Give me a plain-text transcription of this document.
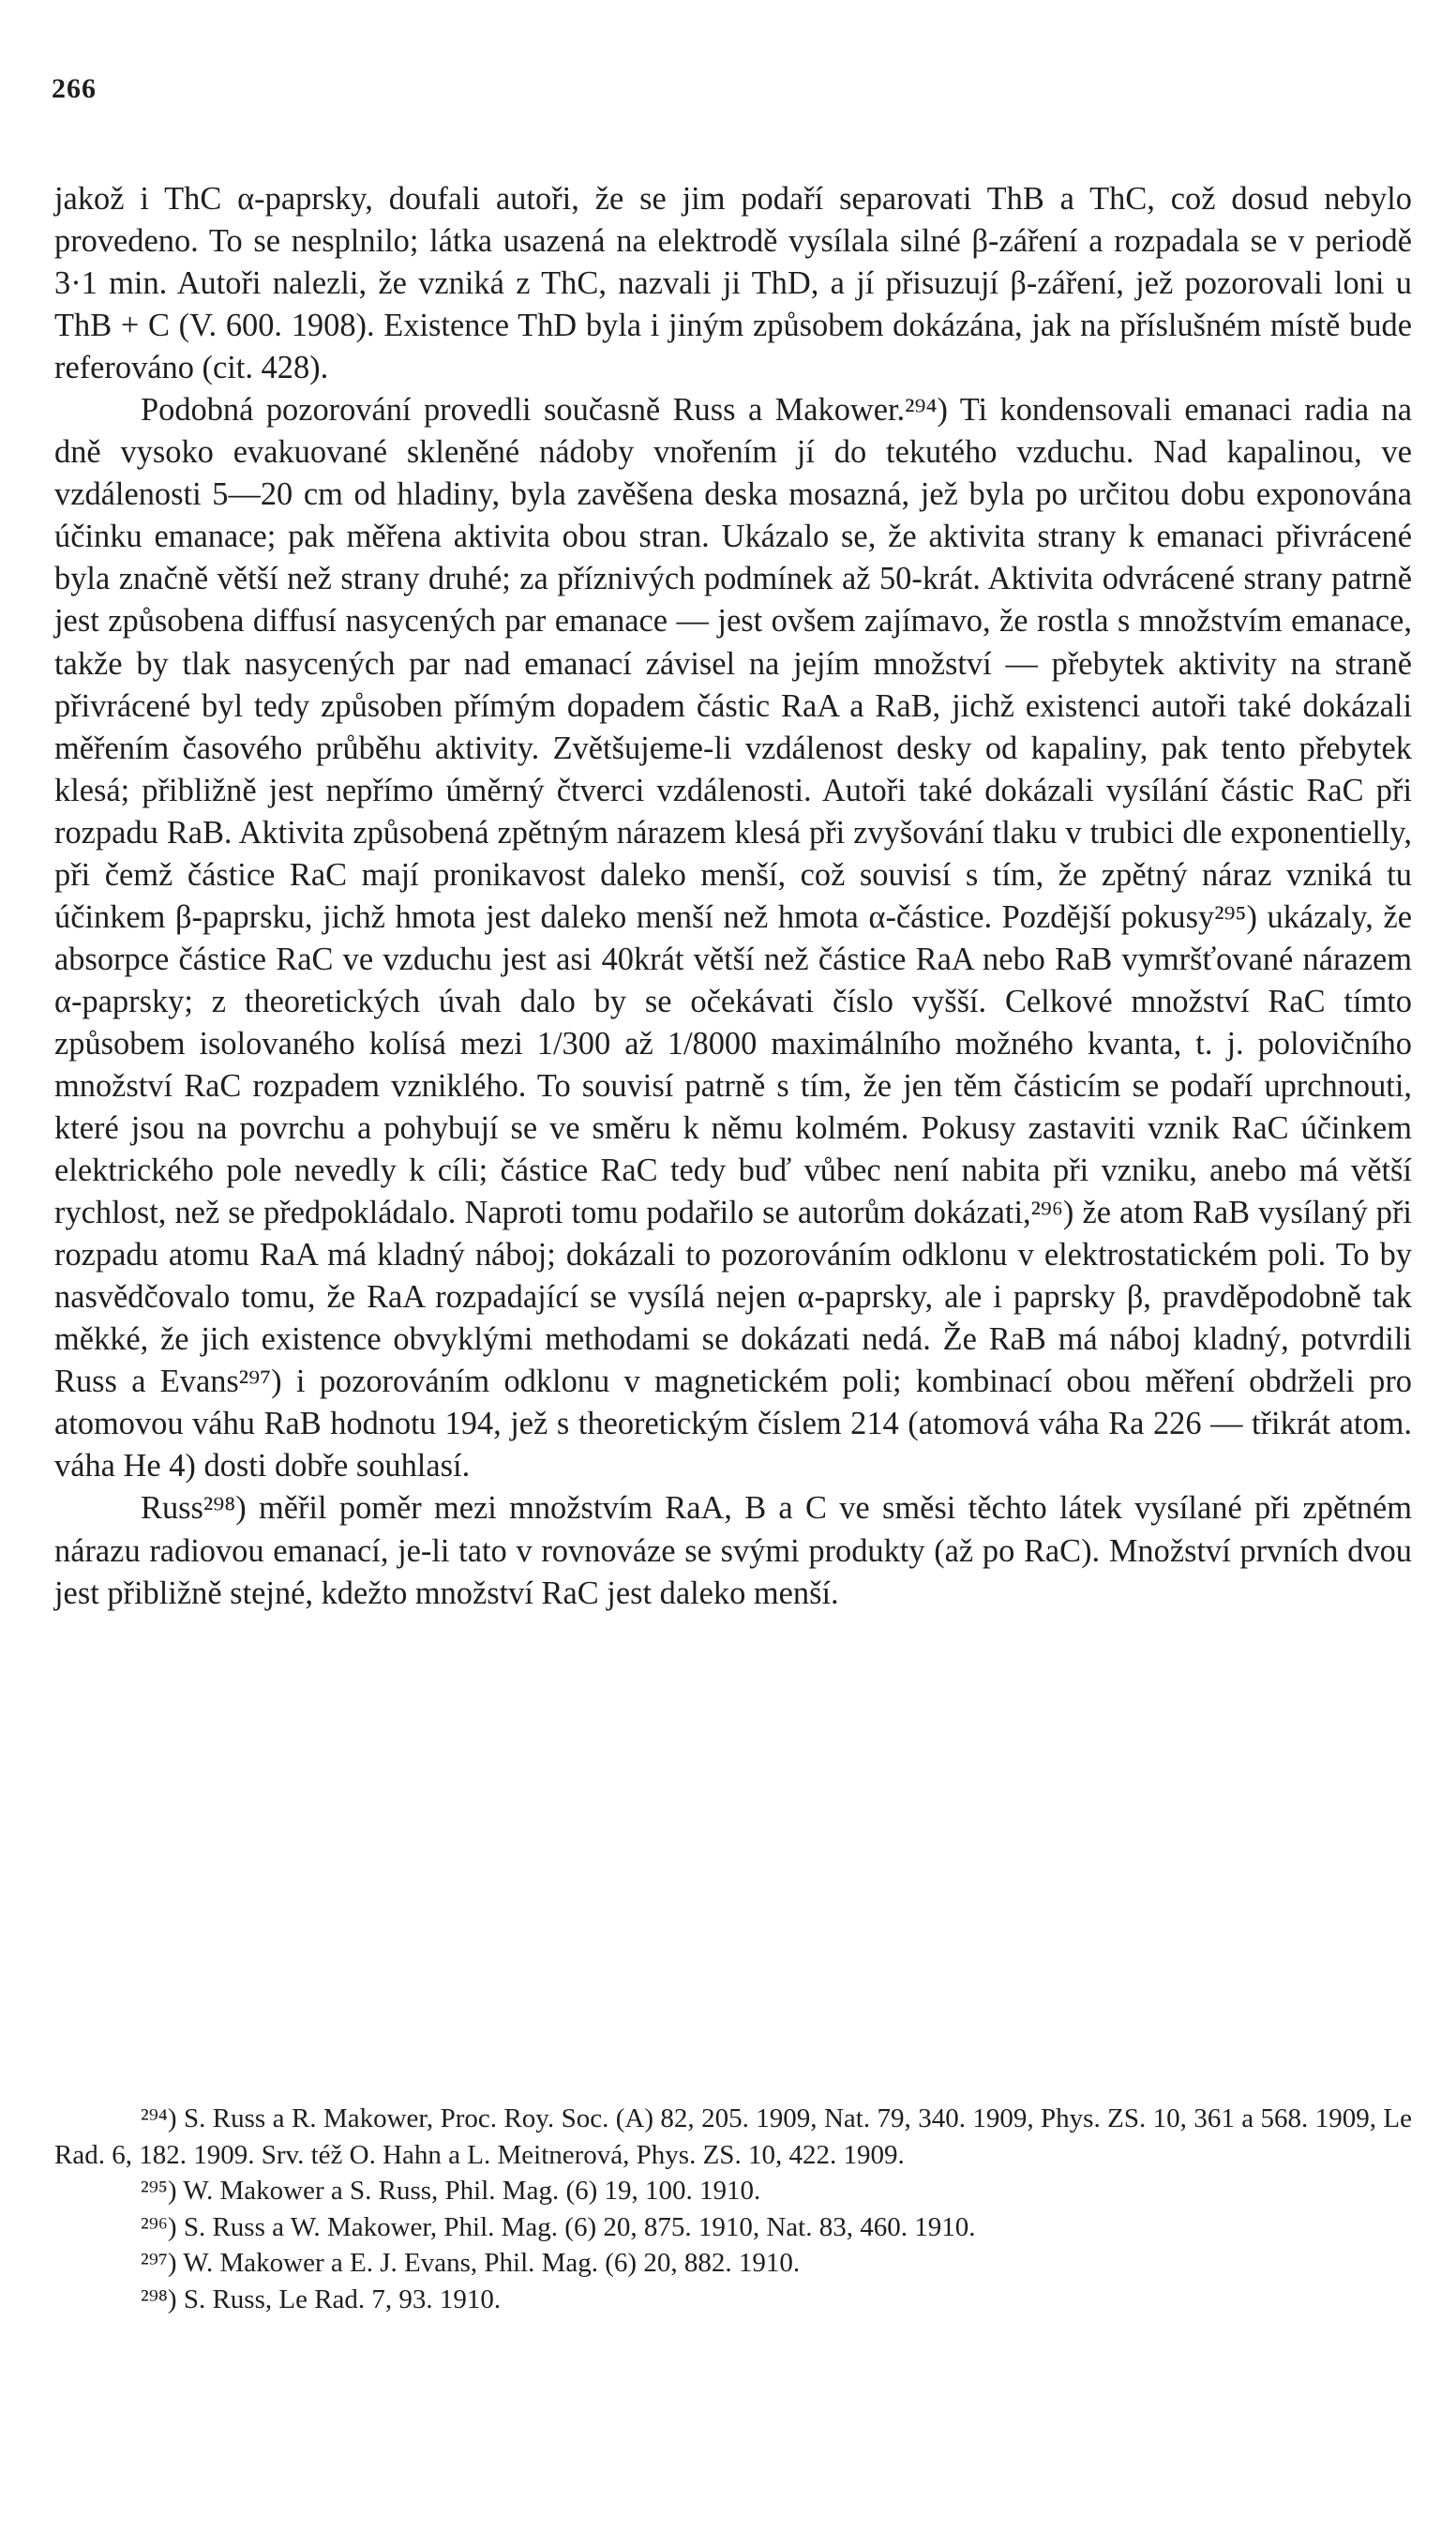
266

jakož i ThC α-paprsky, doufali autoři, že se jim podaří separovati ThB a ThC, což dosud nebylo provedeno. To se nesplnilo; látka usazená na elektrodě vysílala silné β-záření a rozpadala se v periodě 3·1 min. Autoři nalezli, že vzniká z ThC, nazvali ji ThD, a jí přisuzují β-záření, jež pozorovali loni u ThB + C (V. 600. 1908). Existence ThD byla i jiným způsobem dokázána, jak na příslušném místě bude referováno (cit. 428).

Podobná pozorování provedli současně Russ a Makower.²⁹⁴) Ti kondensovali emanaci radia na dně vysoko evakuované skleněné nádoby vnořením jí do tekutého vzduchu. Nad kapalinou, ve vzdálenosti 5—20 cm od hladiny, byla zavěšena deska mosazná, jež byla po určitou dobu exponována účinku emanace; pak měřena aktivita obou stran. Ukázalo se, že aktivita strany k emanaci přivrácené byla značně větší než strany druhé; za příznivých podmínek až 50-krát. Aktivita odvrácené strany patrně jest způsobena diffusí nasycených par emanace — jest ovšem zajímavo, že rostla s množstvím emanace, takže by tlak nasycených par nad emanací závisel na jejím množství — přebytek aktivity na straně přivrácené byl tedy způsoben přímým dopadem částic RaA a RaB, jichž existenci autoři také dokázali měřením časového průběhu aktivity. Zvětšujeme-li vzdálenost desky od kapaliny, pak tento přebytek klesá; přibližně jest nepřímo úměrný čtverci vzdálenosti. Autoři také dokázali vysílání částic RaC při rozpadu RaB. Aktivita způsobená zpětným nárazem klesá při zvyšování tlaku v trubici dle exponentielly, při čemž částice RaC mají pronikavost daleko menší, což souvisí s tím, že zpětný náraz vzniká tu účinkem β-paprsku, jichž hmota jest daleko menší než hmota α-částice. Pozdější pokusy²⁹⁵) ukázaly, že absorpce částice RaC ve vzduchu jest asi 40krát větší než částice RaA nebo RaB vymršťované nárazem α-paprsky; z theoretických úvah dalo by se očekávati číslo vyšší. Celkové množství RaC tímto způsobem isolovaného kolísá mezi 1/300 až 1/8000 maximálního možného kvanta, t. j. polovičního množství RaC rozpadem vzniklého. To souvisí patrně s tím, že jen těm částicím se podaří uprchnouti, které jsou na povrchu a pohybují se ve směru k němu kolmém. Pokusy zastaviti vznik RaC účinkem elektrického pole nevedly k cíli; částice RaC tedy buď vůbec není nabita při vzniku, anebo má větší rychlost, než se předpokládalo. Naproti tomu podařilo se autorům dokázati,²⁹⁶) že atom RaB vysílaný při rozpadu atomu RaA má kladný náboj; dokázali to pozorováním odklonu v elektrostatickém poli. To by nasvědčovalo tomu, že RaA rozpadající se vysílá nejen α-paprsky, ale i paprsky β, pravděpodobně tak měkké, že jich existence obvyklými methodami se dokázati nedá. Že RaB má náboj kladný, potvrdili Russ a Evans²⁹⁷) i pozorováním odklonu v magnetickém poli; kombinací obou měření obdrželi pro atomovou váhu RaB hodnotu 194, jež s theoretickým číslem 214 (atomová váha Ra 226 — třikrát atom. váha He 4) dosti dobře souhlasí.

Russ²⁹⁸) měřil poměr mezi množstvím RaA, B a C ve směsi těchto látek vysílané při zpětném nárazu radiovou emanací, je-li tato v rovnováze se svými produkty (až po RaC). Množství prvních dvou jest přibližně stejné, kdežto množství RaC jest daleko menší.

²⁹⁴) S. Russ a R. Makower, Proc. Roy. Soc. (A) 82, 205. 1909, Nat. 79, 340. 1909, Phys. ZS. 10, 361 a 568. 1909, Le Rad. 6, 182. 1909. Srv. též O. Hahn a L. Meitnerová, Phys. ZS. 10, 422. 1909.

²⁹⁵) W. Makower a S. Russ, Phil. Mag. (6) 19, 100. 1910.

²⁹⁶) S. Russ a W. Makower, Phil. Mag. (6) 20, 875. 1910, Nat. 83, 460. 1910.

²⁹⁷) W. Makower a E. J. Evans, Phil. Mag. (6) 20, 882. 1910.

²⁹⁸) S. Russ, Le Rad. 7, 93. 1910.
